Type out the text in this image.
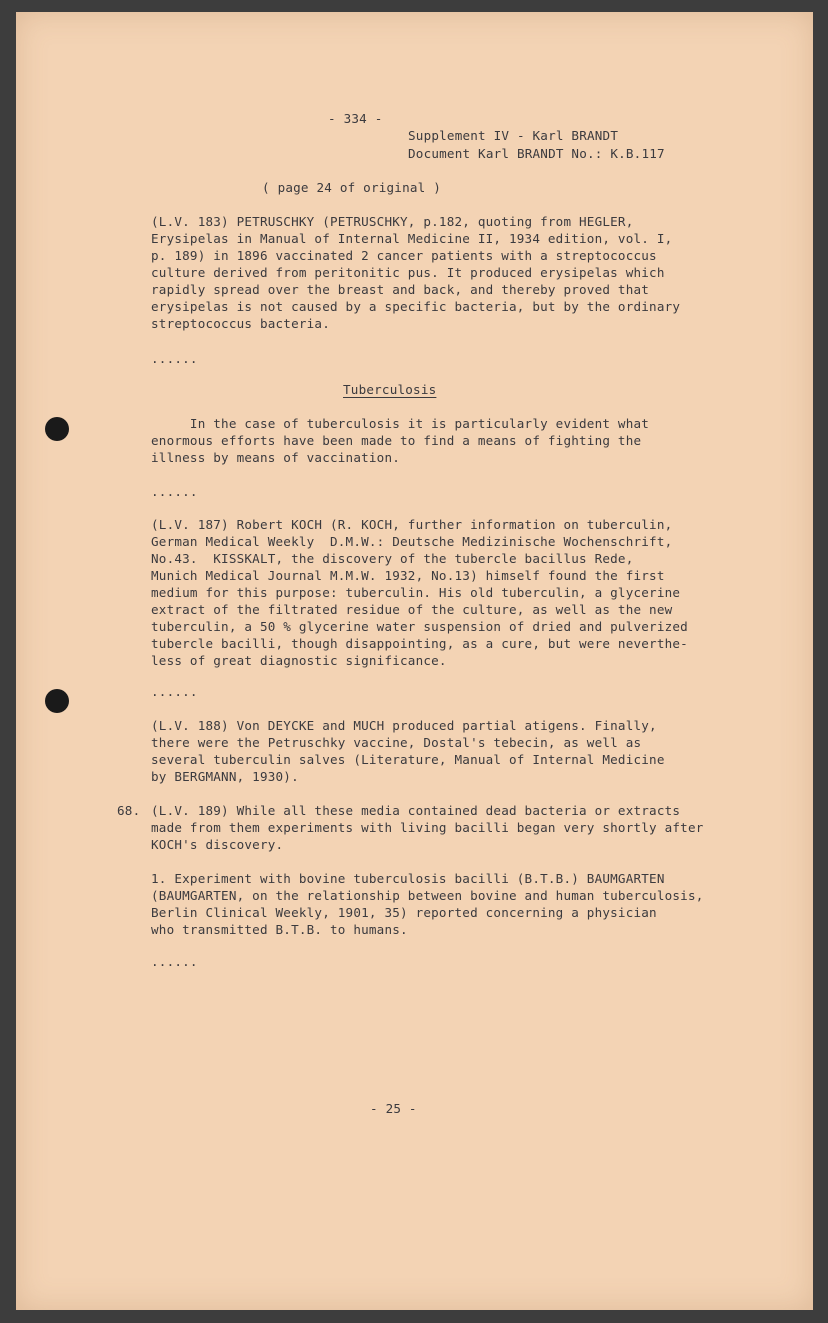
- 334 -
Supplement IV - Karl BRANDT
Document Karl BRANDT No.: K.B.117
( page 24 of original )
(L.V. 183) PETRUSCHKY (PETRUSCHKY, p.182, quoting from HEGLER,
Erysipelas in Manual of Internal Medicine II, 1934 edition, vol. I,
p. 189) in 1896 vaccinated 2 cancer patients with a streptococcus
culture derived from peritonitic pus. It produced erysipelas which
rapidly spread over the breast and back, and thereby proved that
erysipelas is not caused by a specific bacteria, but by the ordinary
streptococcus bacteria.
......
Tuberculosis
In the case of tuberculosis it is particularly evident what
enormous efforts have been made to find a means of fighting the
illness by means of vaccination.
......
(L.V. 187) Robert KOCH (R. KOCH, further information on tuberculin,
German Medical Weekly  D.M.W.: Deutsche Medizinische Wochenschrift,
No.43.  KISSKALT, the discovery of the tubercle bacillus Rede,
Munich Medical Journal M.M.W. 1932, No.13) himself found the first
medium for this purpose: tuberculin. His old tuberculin, a glycerine
extract of the filtrated residue of the culture, as well as the new
tuberculin, a 50 % glycerine water suspension of dried and pulverized
tubercle bacilli, though disappointing, as a cure, but were neverthe-
less of great diagnostic significance.
......
(L.V. 188) Von DEYCKE and MUCH produced partial atigens. Finally,
there were the Petruschky vaccine, Dostal's tebecin, as well as
several tuberculin salves (Literature, Manual of Internal Medicine
by BERGMANN, 1930).
68. (L.V. 189) While all these media contained dead bacteria or extracts
made from them experiments with living bacilli began very shortly after
KOCH's discovery.
1. Experiment with bovine tuberculosis bacilli (B.T.B.) BAUMGARTEN
(BAUMGARTEN, on the relationship between bovine and human tuberculosis,
Berlin Clinical Weekly, 1901, 35) reported concerning a physician
who transmitted B.T.B. to humans.
......
- 25 -
